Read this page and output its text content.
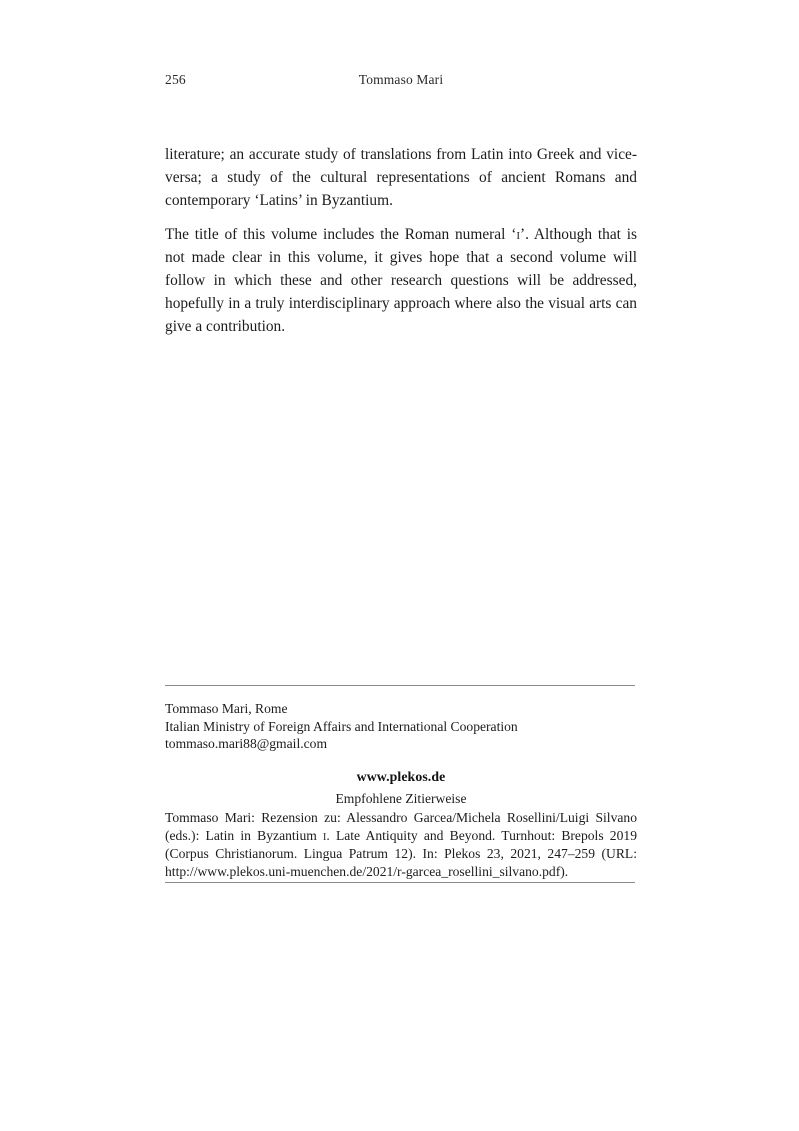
256	Tommaso Mari

literature; an accurate study of translations from Latin into Greek and vice-versa; a study of the cultural representations of ancient Romans and contemporary ‘Latins’ in Byzantium.

The title of this volume includes the Roman numeral ‘i’. Although that is not made clear in this volume, it gives hope that a second volume will follow in which these and other research questions will be addressed, hopefully in a truly interdisciplinary approach where also the visual arts can give a contribution.

Tommaso Mari, Rome
Italian Ministry of Foreign Affairs and International Cooperation
tommaso.mari88@gmail.com
www.plekos.de
Empfohlene Zitierweise
Tommaso Mari: Rezension zu: Alessandro Garcea/Michela Rosellini/Luigi Silvano (eds.): Latin in Byzantium i. Late Antiquity and Beyond. Turnhout: Brepols 2019 (Corpus Christianorum. Lingua Patrum 12). In: Plekos 23, 2021, 247–259 (URL: http://www.plekos.uni-muenchen.de/2021/r-garcea_rosellini_silvano.pdf).
